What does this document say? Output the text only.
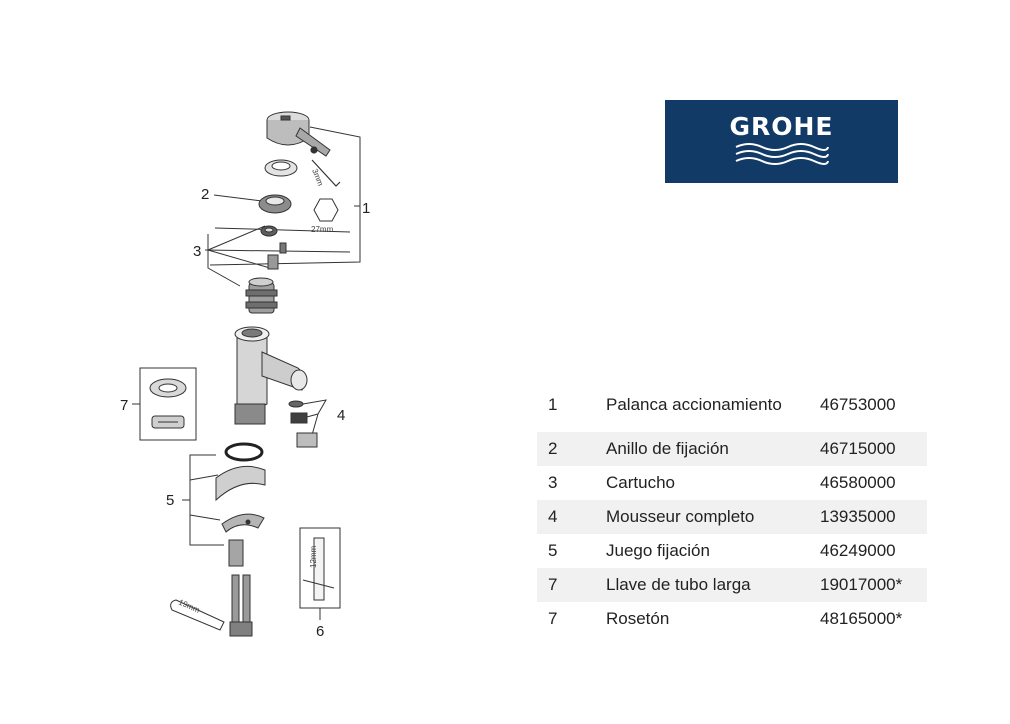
1
2
3
4
5
6
7
3mm
27mm
12mm
19mm
GROHE
1	Palanca accionamiento	46753000

2	Anillo de fijación	46715000
3	Cartucho	46580000
4	Mousseur completo	13935000
5	Juego fijación	46249000
7	Llave de tubo larga	19017000*
7	Rosetón	48165000*
